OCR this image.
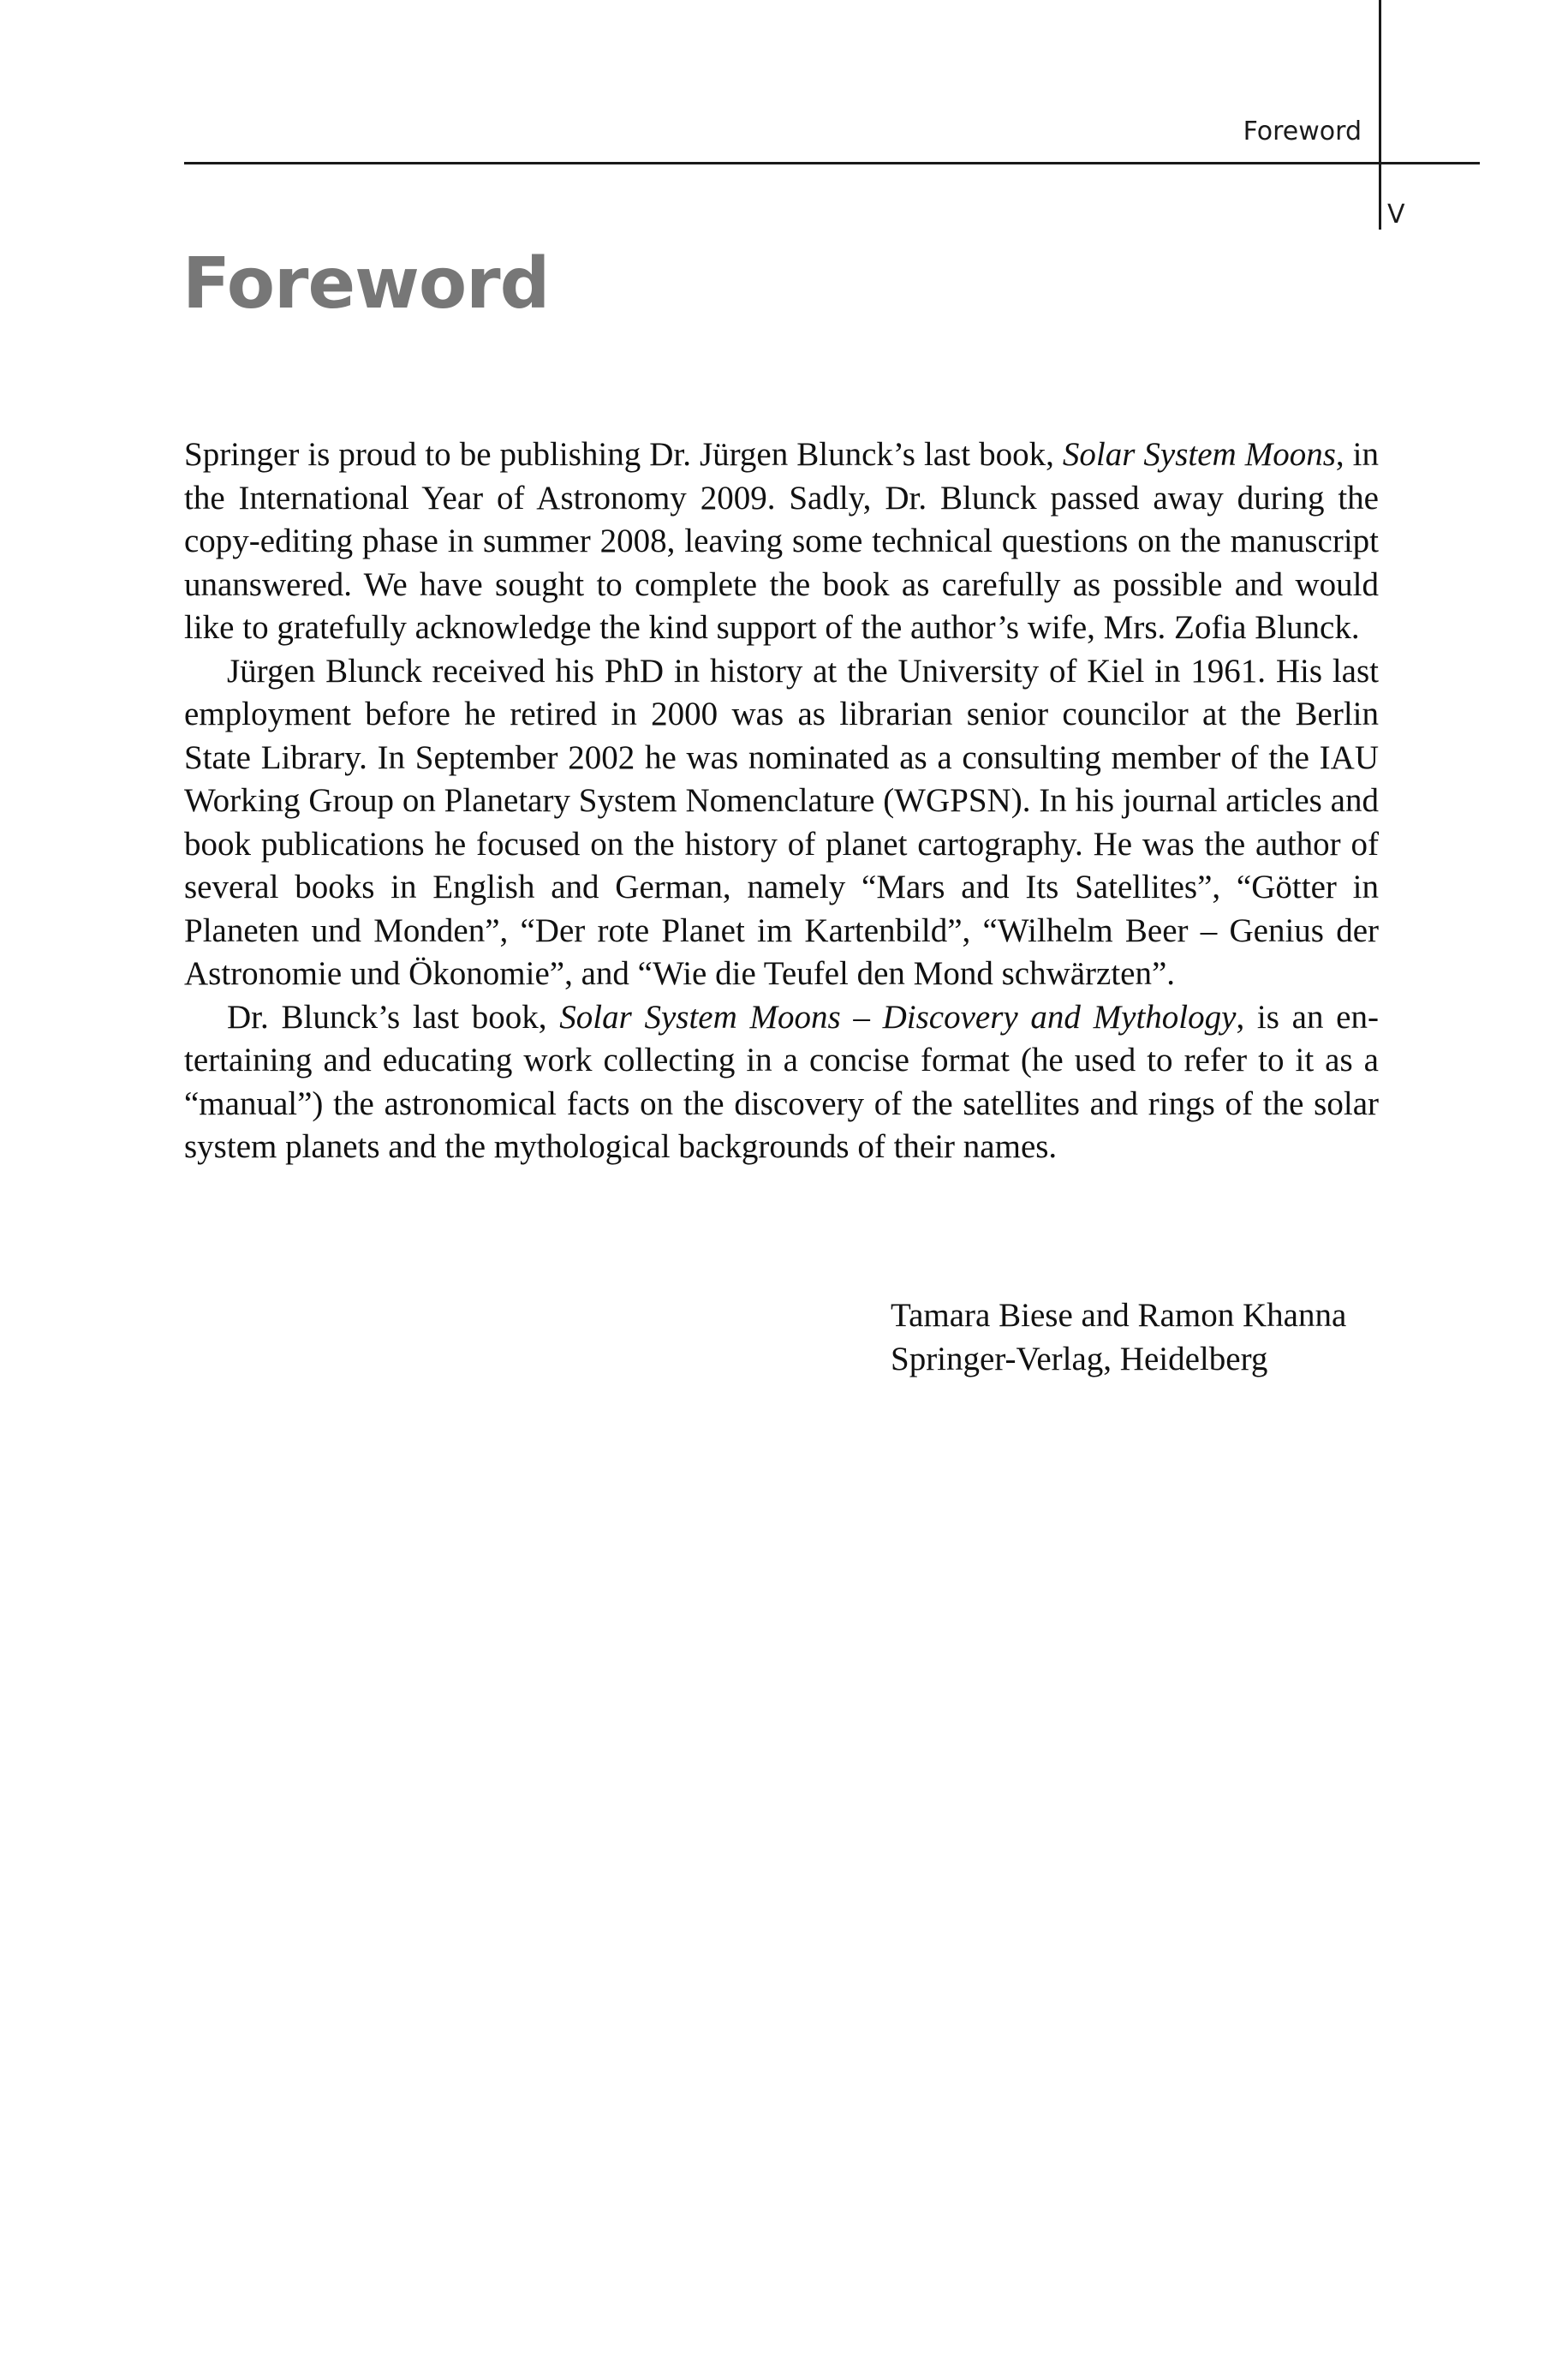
Foreword
V
Foreword

Springer is proud to be publishing Dr. Jürgen Blunck’s last book, Solar System Moons, in the International Year of Astronomy 2009. Sadly, Dr. Blunck passed away during the copy-editing phase in summer 2008, leaving some technical questions on the manuscript unanswered. We have sought to complete the book as carefully as possible and would like to gratefully acknowledge the kind support of the author’s wife, Mrs. Zofia Blunck.

Jürgen Blunck received his PhD in history at the University of Kiel in 1961. His last employment before he retired in 2000 was as librarian senior councilor at the Berlin State Library. In September 2002 he was nominated as a consulting member of the IAU Working Group on Planetary System Nomenclature (WGPSN). In his journal articles and book publications he focused on the history of planet cartography. He was the author of several books in English and German, namely “Mars and Its Satellites”, “Götter in Planeten und Monden”, “Der rote Planet im Kartenbild”, “Wilhelm Beer – Genius der Astronomie und Ökonomie”, and “Wie die Teufel den Mond schwärzten”.

Dr. Blunck’s last book, Solar System Moons – Discovery and Mythology, is an entertaining and educating work collecting in a concise format (he used to refer to it as a “manual”) the astronomical facts on the discovery of the satellites and rings of the solar system planets and the mythological backgrounds of their names.

Tamara Biese and Ramon Khanna
Springer-Verlag, Heidelberg
